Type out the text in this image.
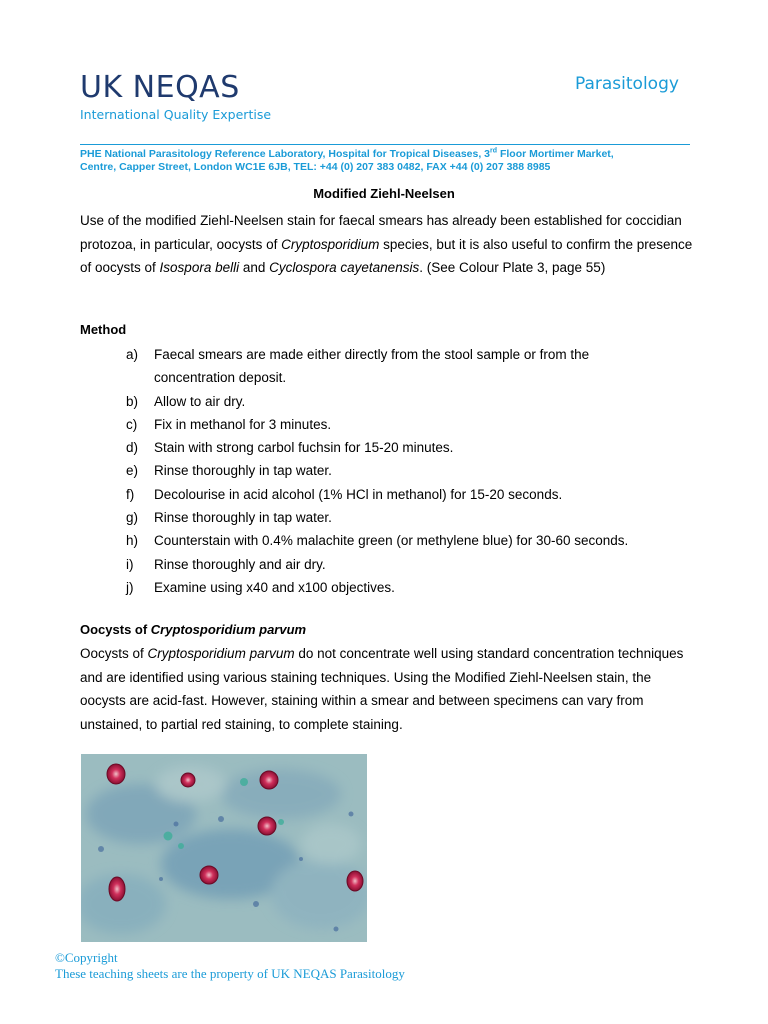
UK NEQAS
International Quality Expertise
Parasitology
PHE National Parasitology Reference Laboratory, Hospital for Tropical Diseases, 3rd Floor Mortimer Market,
Centre, Capper Street, London WC1E 6JB, TEL: +44 (0) 207 383 0482, FAX +44 (0) 207 388 8985
Modified Ziehl-Neelsen

Use of the modified Ziehl-Neelsen stain for faecal smears has already been established for coccidian protozoa, in particular, oocysts of Cryptosporidium species, but it is also useful to confirm the presence of oocysts of Isospora belli and Cyclospora cayetanensis. (See Colour Plate 3, page 55)

Method
a)	Faecal smears are made either directly from the stool sample or from the concentration deposit.
b)	Allow to air dry.
c)	Fix in methanol for 3 minutes.
d)	Stain with strong carbol fuchsin for 15-20 minutes.
e)	Rinse thoroughly in tap water.
f)	Decolourise in acid alcohol (1% HCl in methanol) for 15-20 seconds.
g)	Rinse thoroughly in tap water.
h)	Counterstain with 0.4% malachite green (or methylene blue) for 30-60 seconds.
i)	Rinse thoroughly and air dry.
j)	Examine using x40 and x100 objectives.
Oocysts of Cryptosporidium parvum

Oocysts of Cryptosporidium parvum do not concentrate well using standard concentration techniques and are identified using various staining techniques. Using the Modified Ziehl-Neelsen stain, the oocysts are acid-fast. However, staining within a smear and between specimens can vary from unstained, to partial red staining, to complete staining.

©Copyright
These teaching sheets are the property of UK NEQAS Parasitology
